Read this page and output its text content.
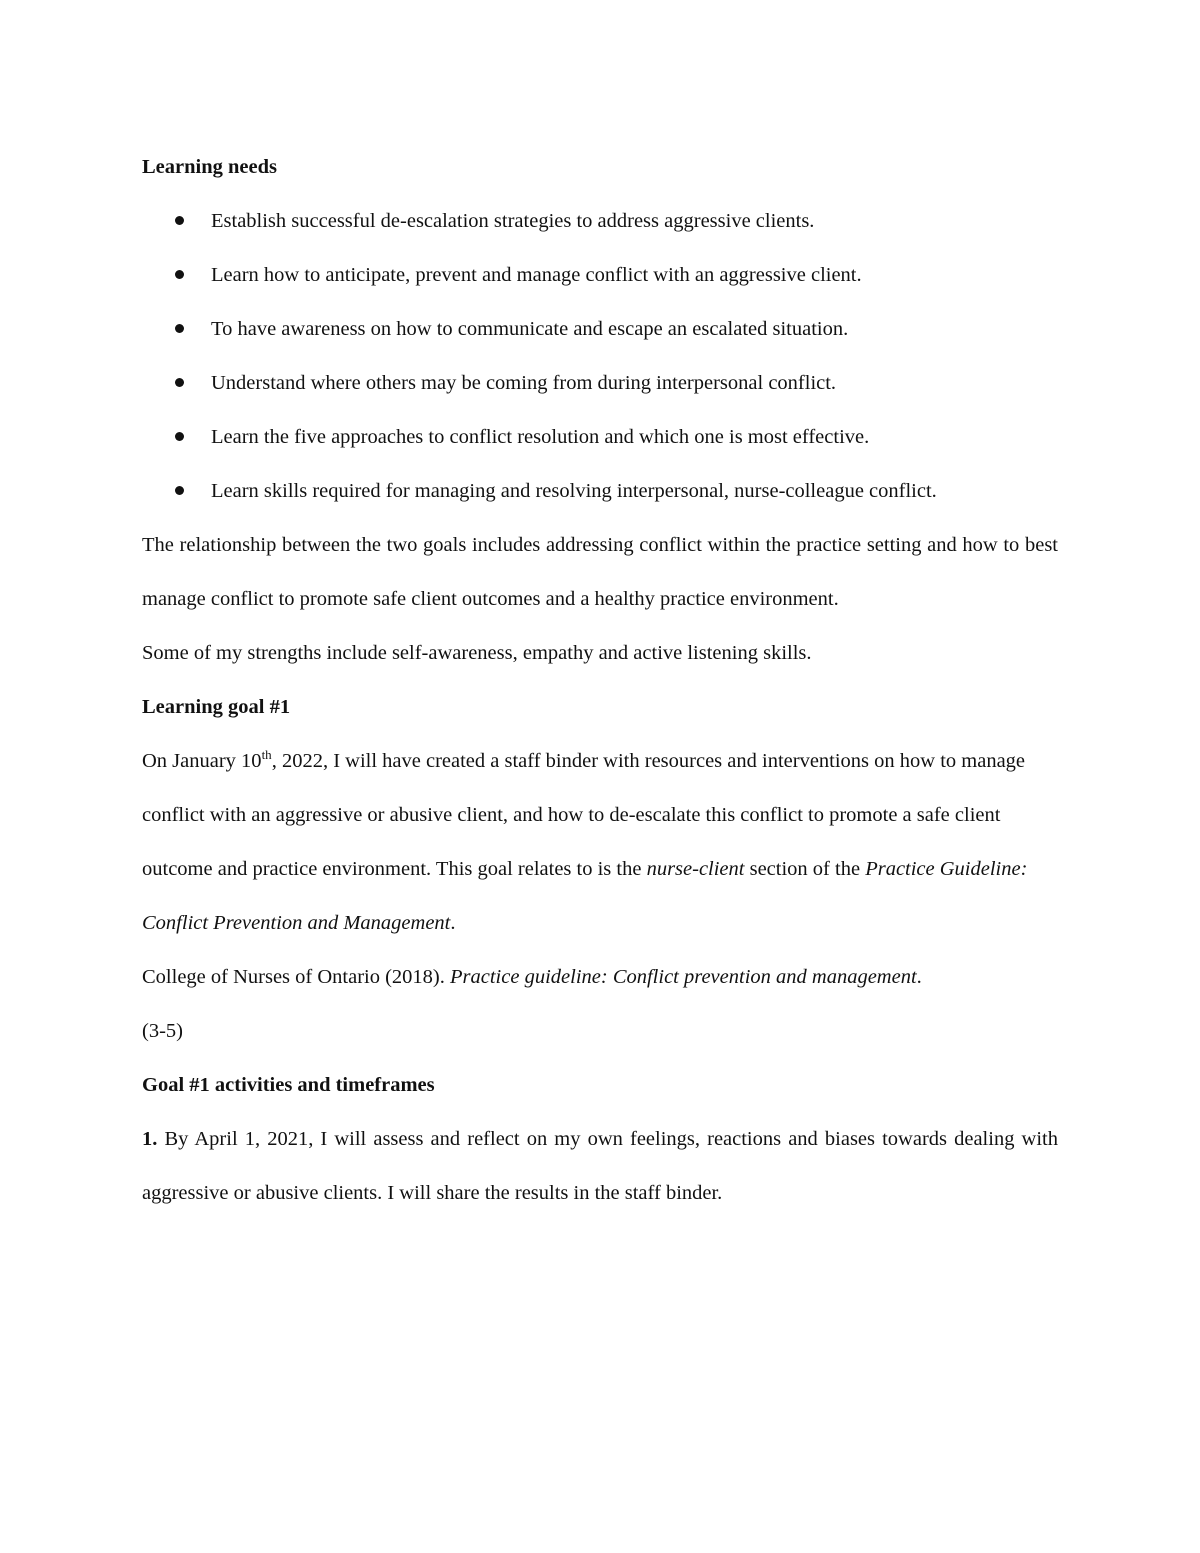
Learning needs

Establish successful de-escalation strategies to address aggressive clients.
Learn how to anticipate, prevent and manage conflict with an aggressive client.
To have awareness on how to communicate and escape an escalated situation.
Understand where others may be coming from during interpersonal conflict.
Learn the five approaches to conflict resolution and which one is most effective.
Learn skills required for managing and resolving interpersonal, nurse-colleague conflict.

The relationship between the two goals includes addressing conflict within the practice setting and how to best manage conflict to promote safe client outcomes and a healthy practice environment.

Some of my strengths include self-awareness, empathy and active listening skills.

Learning goal #1

On January 10th, 2022, I will have created a staff binder with resources and interventions on how to manage conflict with an aggressive or abusive client, and how to de-escalate this conflict to promote a safe client outcome and practice environment. This goal relates to is the nurse-client section of the Practice Guideline: Conflict Prevention and Management.

College of Nurses of Ontario (2018). Practice guideline: Conflict prevention and management.

(3-5)

Goal #1 activities and timeframes

1. By April 1, 2021, I will assess and reflect on my own feelings, reactions and biases towards dealing with aggressive or abusive clients. I will share the results in the staff binder.
